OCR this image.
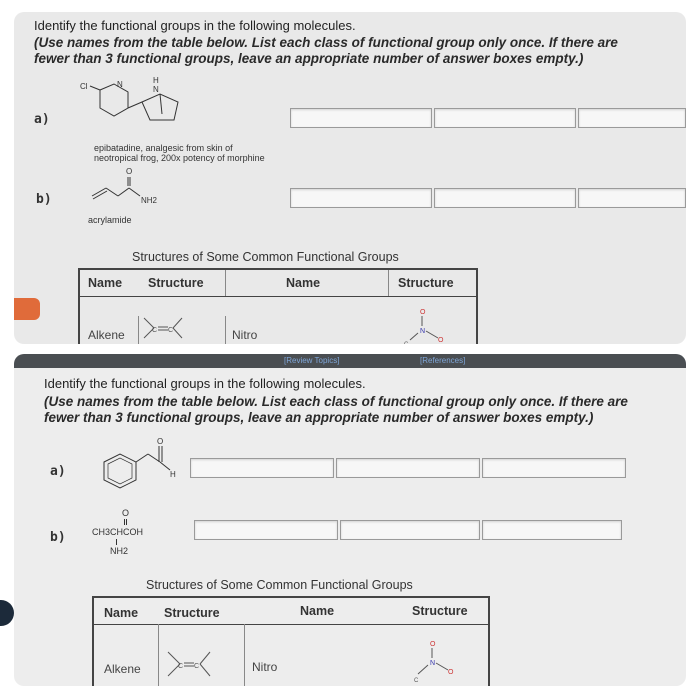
Identify the functional groups in the following molecules.
(Use names from the table below. List each class of functional group only once. If there are
fewer than 3 functional groups, leave an appropriate number of answer boxes empty.)
a)
Cl	N	H
N
epibatadine, analgesic from skin of
neotropical frog, 200x potency of morphine
b)
O
NH2
acrylamide
Structures of Some Common Functional Groups
Name Structure	Name	Structure
Alkene	C C	Nitro
O
N
O
C
[Review Topics]	[References]
Identify the functional groups in the following molecules.
(Use names from the table below. List each class of functional group only once. If there are
fewer than 3 functional groups, leave an appropriate number of answer boxes empty.)
a)
O
H
b)
O
CH3CHCOH
NH2
Structures of Some Common Functional Groups
Name Structure	Name	Structure
Alkene	C C	Nitro
O
N
O
C
